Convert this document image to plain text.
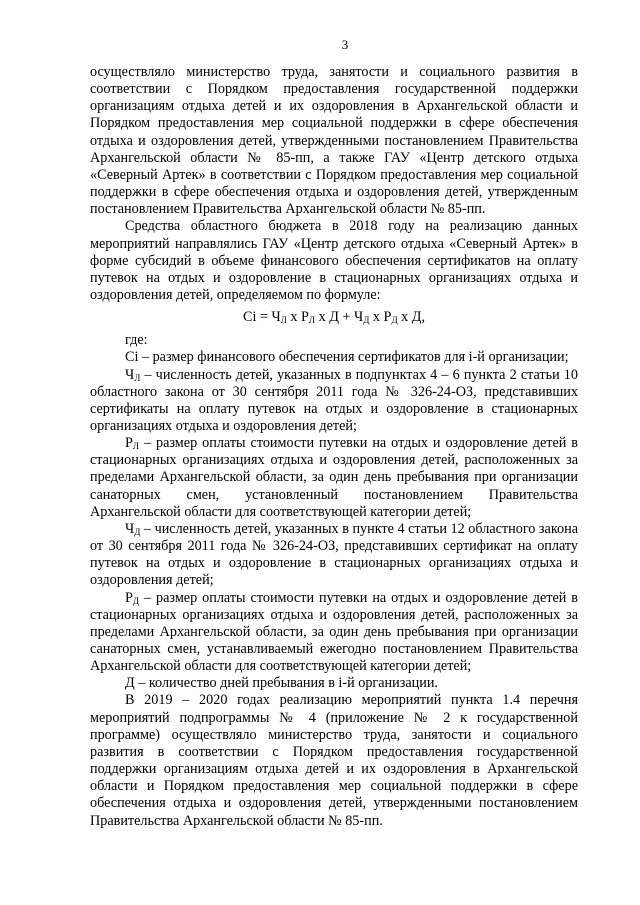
3

осуществляло министерство труда, занятости и социального развития в соответствии с Порядком предоставления государственной поддержки организациям отдыха детей и их оздоровления в Архангельской области и Порядком предоставления мер социальной поддержки в сфере обеспечения отдыха и оздоровления детей, утвержденными постановлением Правительства Архангельской области № 85-пп, а также ГАУ «Центр детского отдыха «Северный Артек» в соответствии с Порядком предоставления мер социальной поддержки в сфере обеспечения отдыха и оздоровления детей, утвержденным постановлением Правительства Архангельской области № 85-пп.

Средства областного бюджета в 2018 году на реализацию данных мероприятий направлялись ГАУ «Центр детского отдыха «Северный Артек» в форме субсидий в объеме финансового обеспечения сертификатов на оплату путевок на отдых и оздоровление в стационарных организациях отдыха и оздоровления детей, определяемом по формуле:

$Ci = Ч_Л$ х $Р_Л$ х $Д + Ч_Д$ х $Р_Д$ х Д,

где:

Ci – размер финансового обеспечения сертификатов для i-й организации;

$Ч_Л$ – численность детей, указанных в подпунктах 4 – 6 пункта 2 статьи 10 областного закона от 30 сентября 2011 года № 326-24-ОЗ, представивших сертификаты на оплату путевок на отдых и оздоровление в стационарных организациях отдыха и оздоровления детей;

$Р_Л$ – размер оплаты стоимости путевки на отдых и оздоровление детей в стационарных организациях отдыха и оздоровления детей, расположенных за пределами Архангельской области, за один день пребывания при организации санаторных смен, установленный постановлением Правительства Архангельской области для соответствующей категории детей;

$Ч_Д$ – численность детей, указанных в пункте 4 статьи 12 областного закона от 30 сентября 2011 года № 326-24-ОЗ, представивших сертификат на оплату путевок на отдых и оздоровление в стационарных организациях отдыха и оздоровления детей;

$Р_Д$ – размер оплаты стоимости путевки на отдых и оздоровление детей в стационарных организациях отдыха и оздоровления детей, расположенных за пределами Архангельской области, за один день пребывания при организации санаторных смен, устанавливаемый ежегодно постановлением Правительства Архангельской области для соответствующей категории детей;

Д – количество дней пребывания в i-й организации.

В 2019 – 2020 годах реализацию мероприятий пункта 1.4 перечня мероприятий подпрограммы № 4 (приложение № 2 к государственной программе) осуществляло министерство труда, занятости и социального развития в соответствии с Порядком предоставления государственной поддержки организациям отдыха детей и их оздоровления в Архангельской области и Порядком предоставления мер социальной поддержки в сфере обеспечения отдыха и оздоровления детей, утвержденными постановлением Правительства Архангельской области № 85-пп.
